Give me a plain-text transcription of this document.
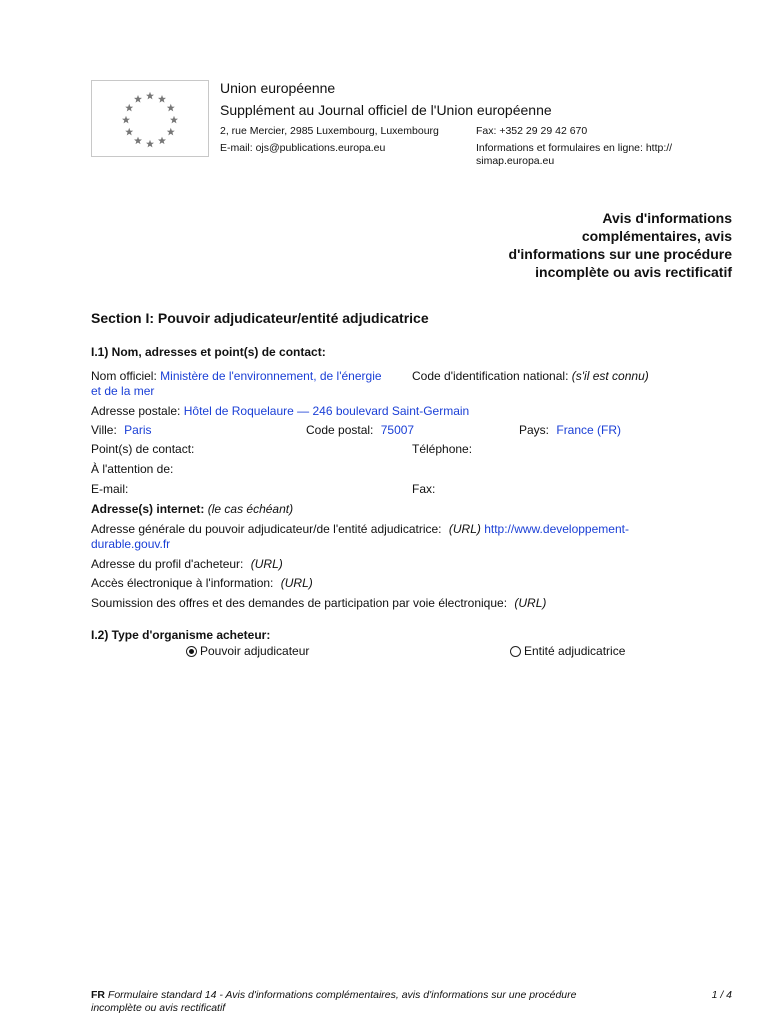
Union européenne
Supplément au Journal officiel de l'Union européenne
2, rue Mercier, 2985 Luxembourg, Luxembourg	Fax: +352 29 29 42 670
E-mail: ojs@publications.europa.eu	Informations et formulaires en ligne: http://
simap.europa.eu
Avis d'informations
complémentaires, avis
d'informations sur une procédure
incomplète ou avis rectificatif
Section I: Pouvoir adjudicateur/entité adjudicatrice
I.1) Nom, adresses et point(s) de contact:
Nom officiel: Ministère de l'environnement, de l'énergie	Code d'identification national: (s'il est connu)
et de la mer
Adresse postale: Hôtel de Roquelaure — 246 boulevard Saint-Germain
Ville: Paris	Code postal: 75007	Pays: France (FR)
Point(s) de contact:	Téléphone:
À l'attention de:
E-mail:	Fax:
Adresse(s) internet: (le cas échéant)
Adresse générale du pouvoir adjudicateur/de l'entité adjudicatrice: (URL) http://www.developpement-
durable.gouv.fr
Adresse du profil d'acheteur: (URL)
Accès électronique à l'information: (URL)
Soumission des offres et des demandes de participation par voie électronique: (URL)
I.2) Type d'organisme acheteur:
Pouvoir adjudicateur	Entité adjudicatrice
FR Formulaire standard 14 - Avis d'informations complémentaires, avis d'informations sur une procédure
incomplète ou avis rectificatif
1 / 4
